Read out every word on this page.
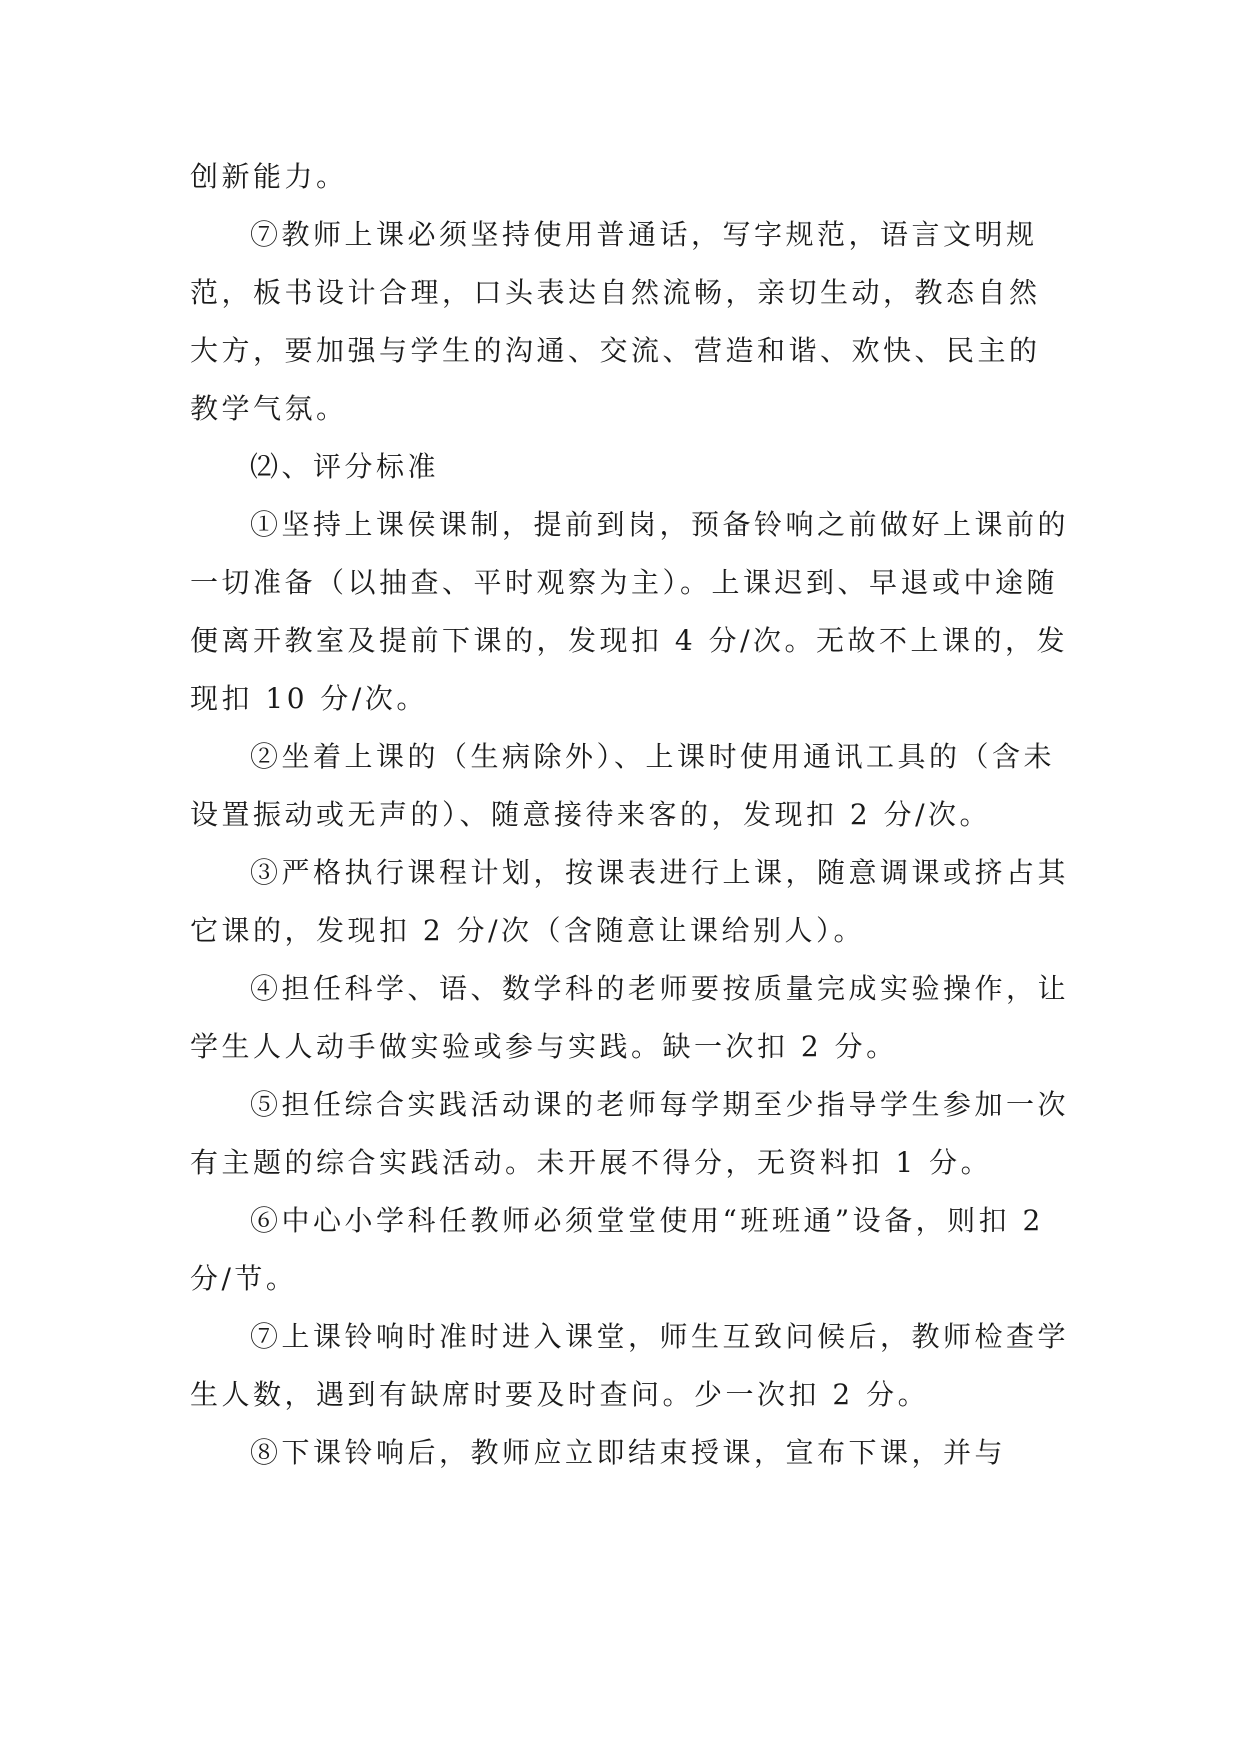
创新能力。

⑦教师上课必须坚持使用普通话，写字规范，语言文明规范，板书设计合理，口头表达自然流畅，亲切生动，教态自然大方，要加强与学生的沟通、交流、营造和谐、欢快、民主的教学气氛。

⑵、评分标准

①坚持上课侯课制，提前到岗，预备铃响之前做好上课前的一切准备（以抽查、平时观察为主）。上课迟到、早退或中途随便离开教室及提前下课的，发现扣 4 分/次。无故不上课的，发现扣 10 分/次。

②坐着上课的（生病除外）、上课时使用通讯工具的（含未设置振动或无声的）、随意接待来客的，发现扣 2 分/次。

③严格执行课程计划，按课表进行上课，随意调课或挤占其它课的，发现扣 2 分/次（含随意让课给别人）。

④担任科学、语、数学科的老师要按质量完成实验操作，让学生人人动手做实验或参与实践。缺一次扣 2 分。

⑤担任综合实践活动课的老师每学期至少指导学生参加一次有主题的综合实践活动。未开展不得分，无资料扣 1 分。

⑥中心小学科任教师必须堂堂使用“班班通”设备，则扣 2 分/节。

⑦上课铃响时准时进入课堂，师生互致问候后，教师检查学生人数，遇到有缺席时要及时查问。少一次扣 2 分。

⑧下课铃响后，教师应立即结束授课，宣布下课，并与
